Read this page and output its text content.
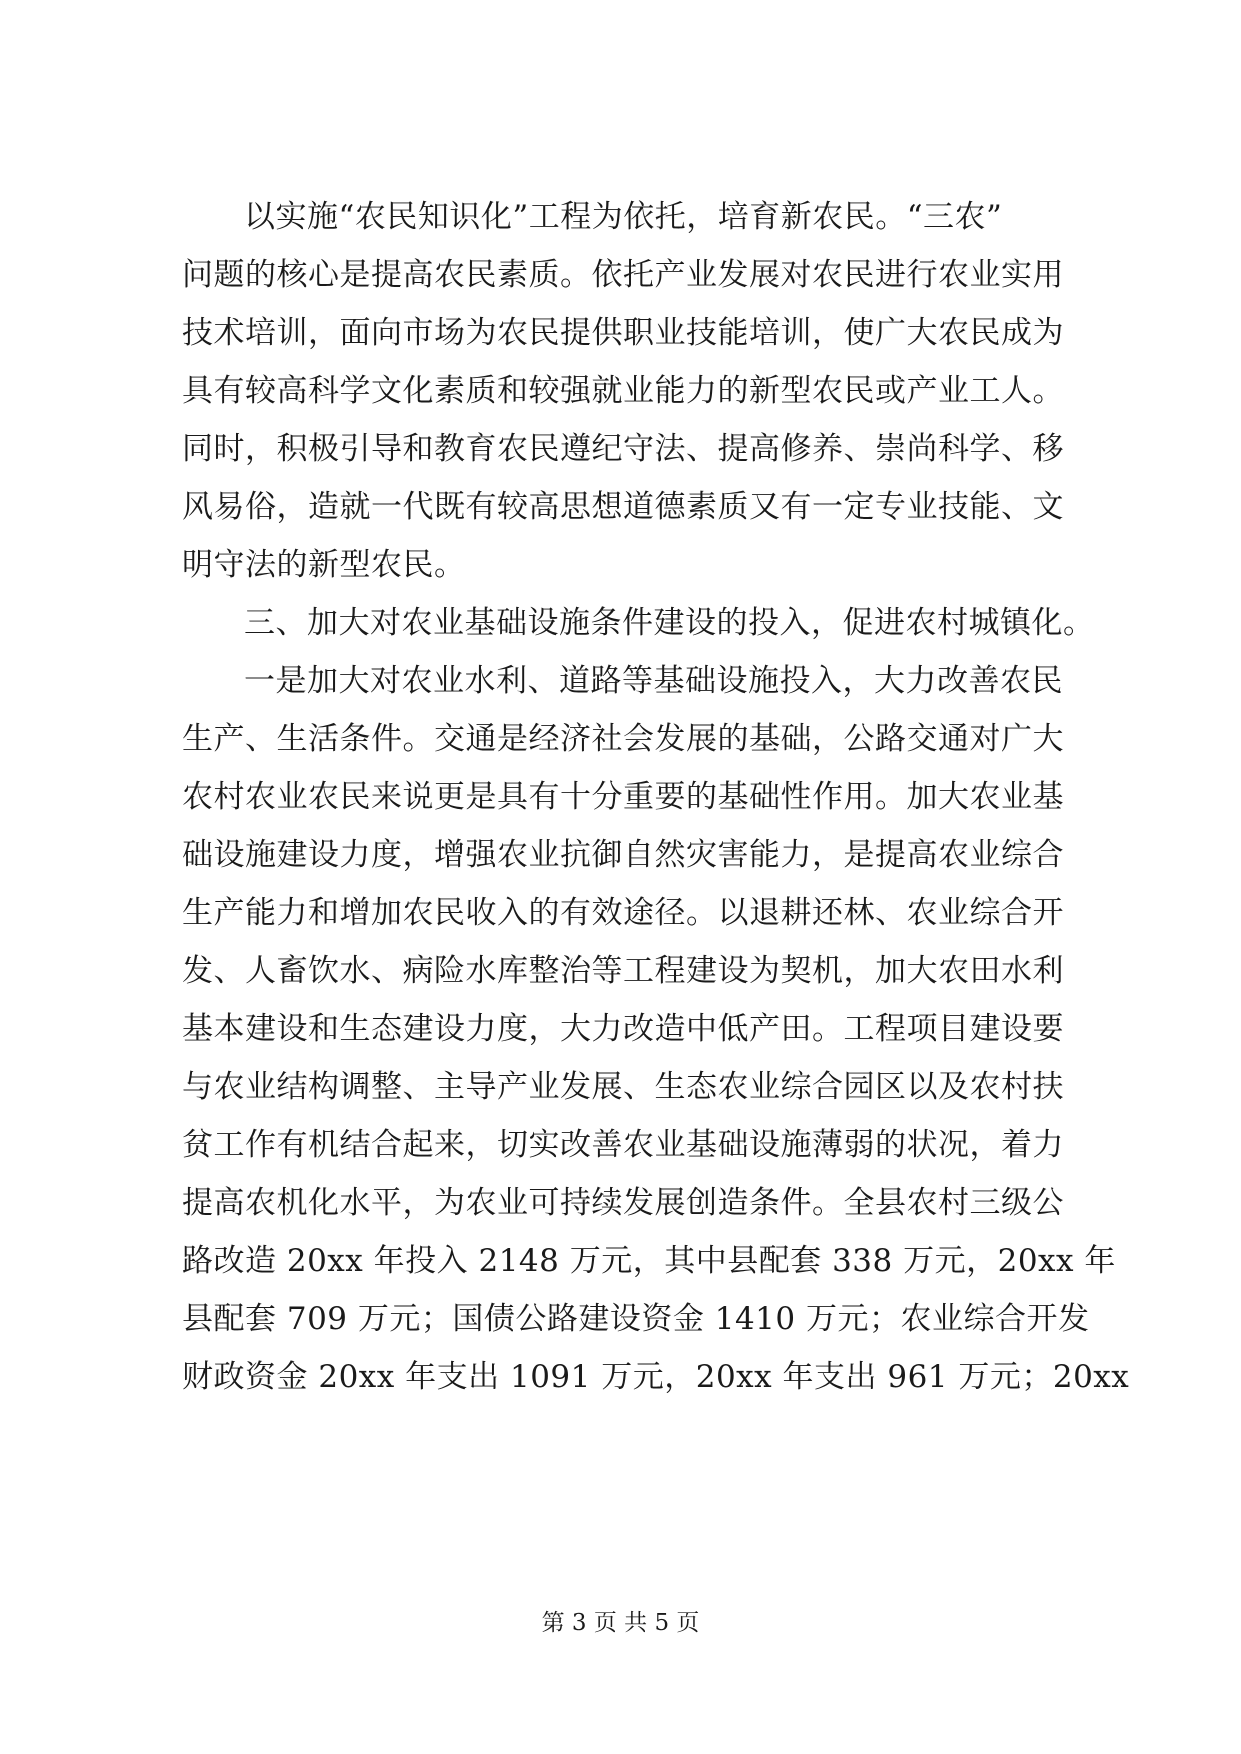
以实施“农民知识化”工程为依托，培育新农民。“三农”
问题的核心是提高农民素质。依托产业发展对农民进行农业实用
技术培训，面向市场为农民提供职业技能培训，使广大农民成为
具有较高科学文化素质和较强就业能力的新型农民或产业工人。
同时，积极引导和教育农民遵纪守法、提高修养、崇尚科学、移
风易俗，造就一代既有较高思想道德素质又有一定专业技能、文
明守法的新型农民。
三、加大对农业基础设施条件建设的投入，促进农村城镇化。
一是加大对农业水利、道路等基础设施投入，大力改善农民
生产、生活条件。交通是经济社会发展的基础，公路交通对广大
农村农业农民来说更是具有十分重要的基础性作用。加大农业基
础设施建设力度，增强农业抗御自然灾害能力，是提高农业综合
生产能力和增加农民收入的有效途径。以退耕还林、农业综合开
发、人畜饮水、病险水库整治等工程建设为契机，加大农田水利
基本建设和生态建设力度，大力改造中低产田。工程项目建设要
与农业结构调整、主导产业发展、生态农业综合园区以及农村扶
贫工作有机结合起来，切实改善农业基础设施薄弱的状况，着力
提高农机化水平，为农业可持续发展创造条件。全县农村三级公
路改造 20xx 年投入 2148 万元，其中县配套 338 万元，20xx 年
县配套 709 万元；国债公路建设资金 1410 万元；农业综合开发
财政资金 20xx 年支出 1091 万元，20xx 年支出 961 万元；20xx
第 3 页 共 5 页
